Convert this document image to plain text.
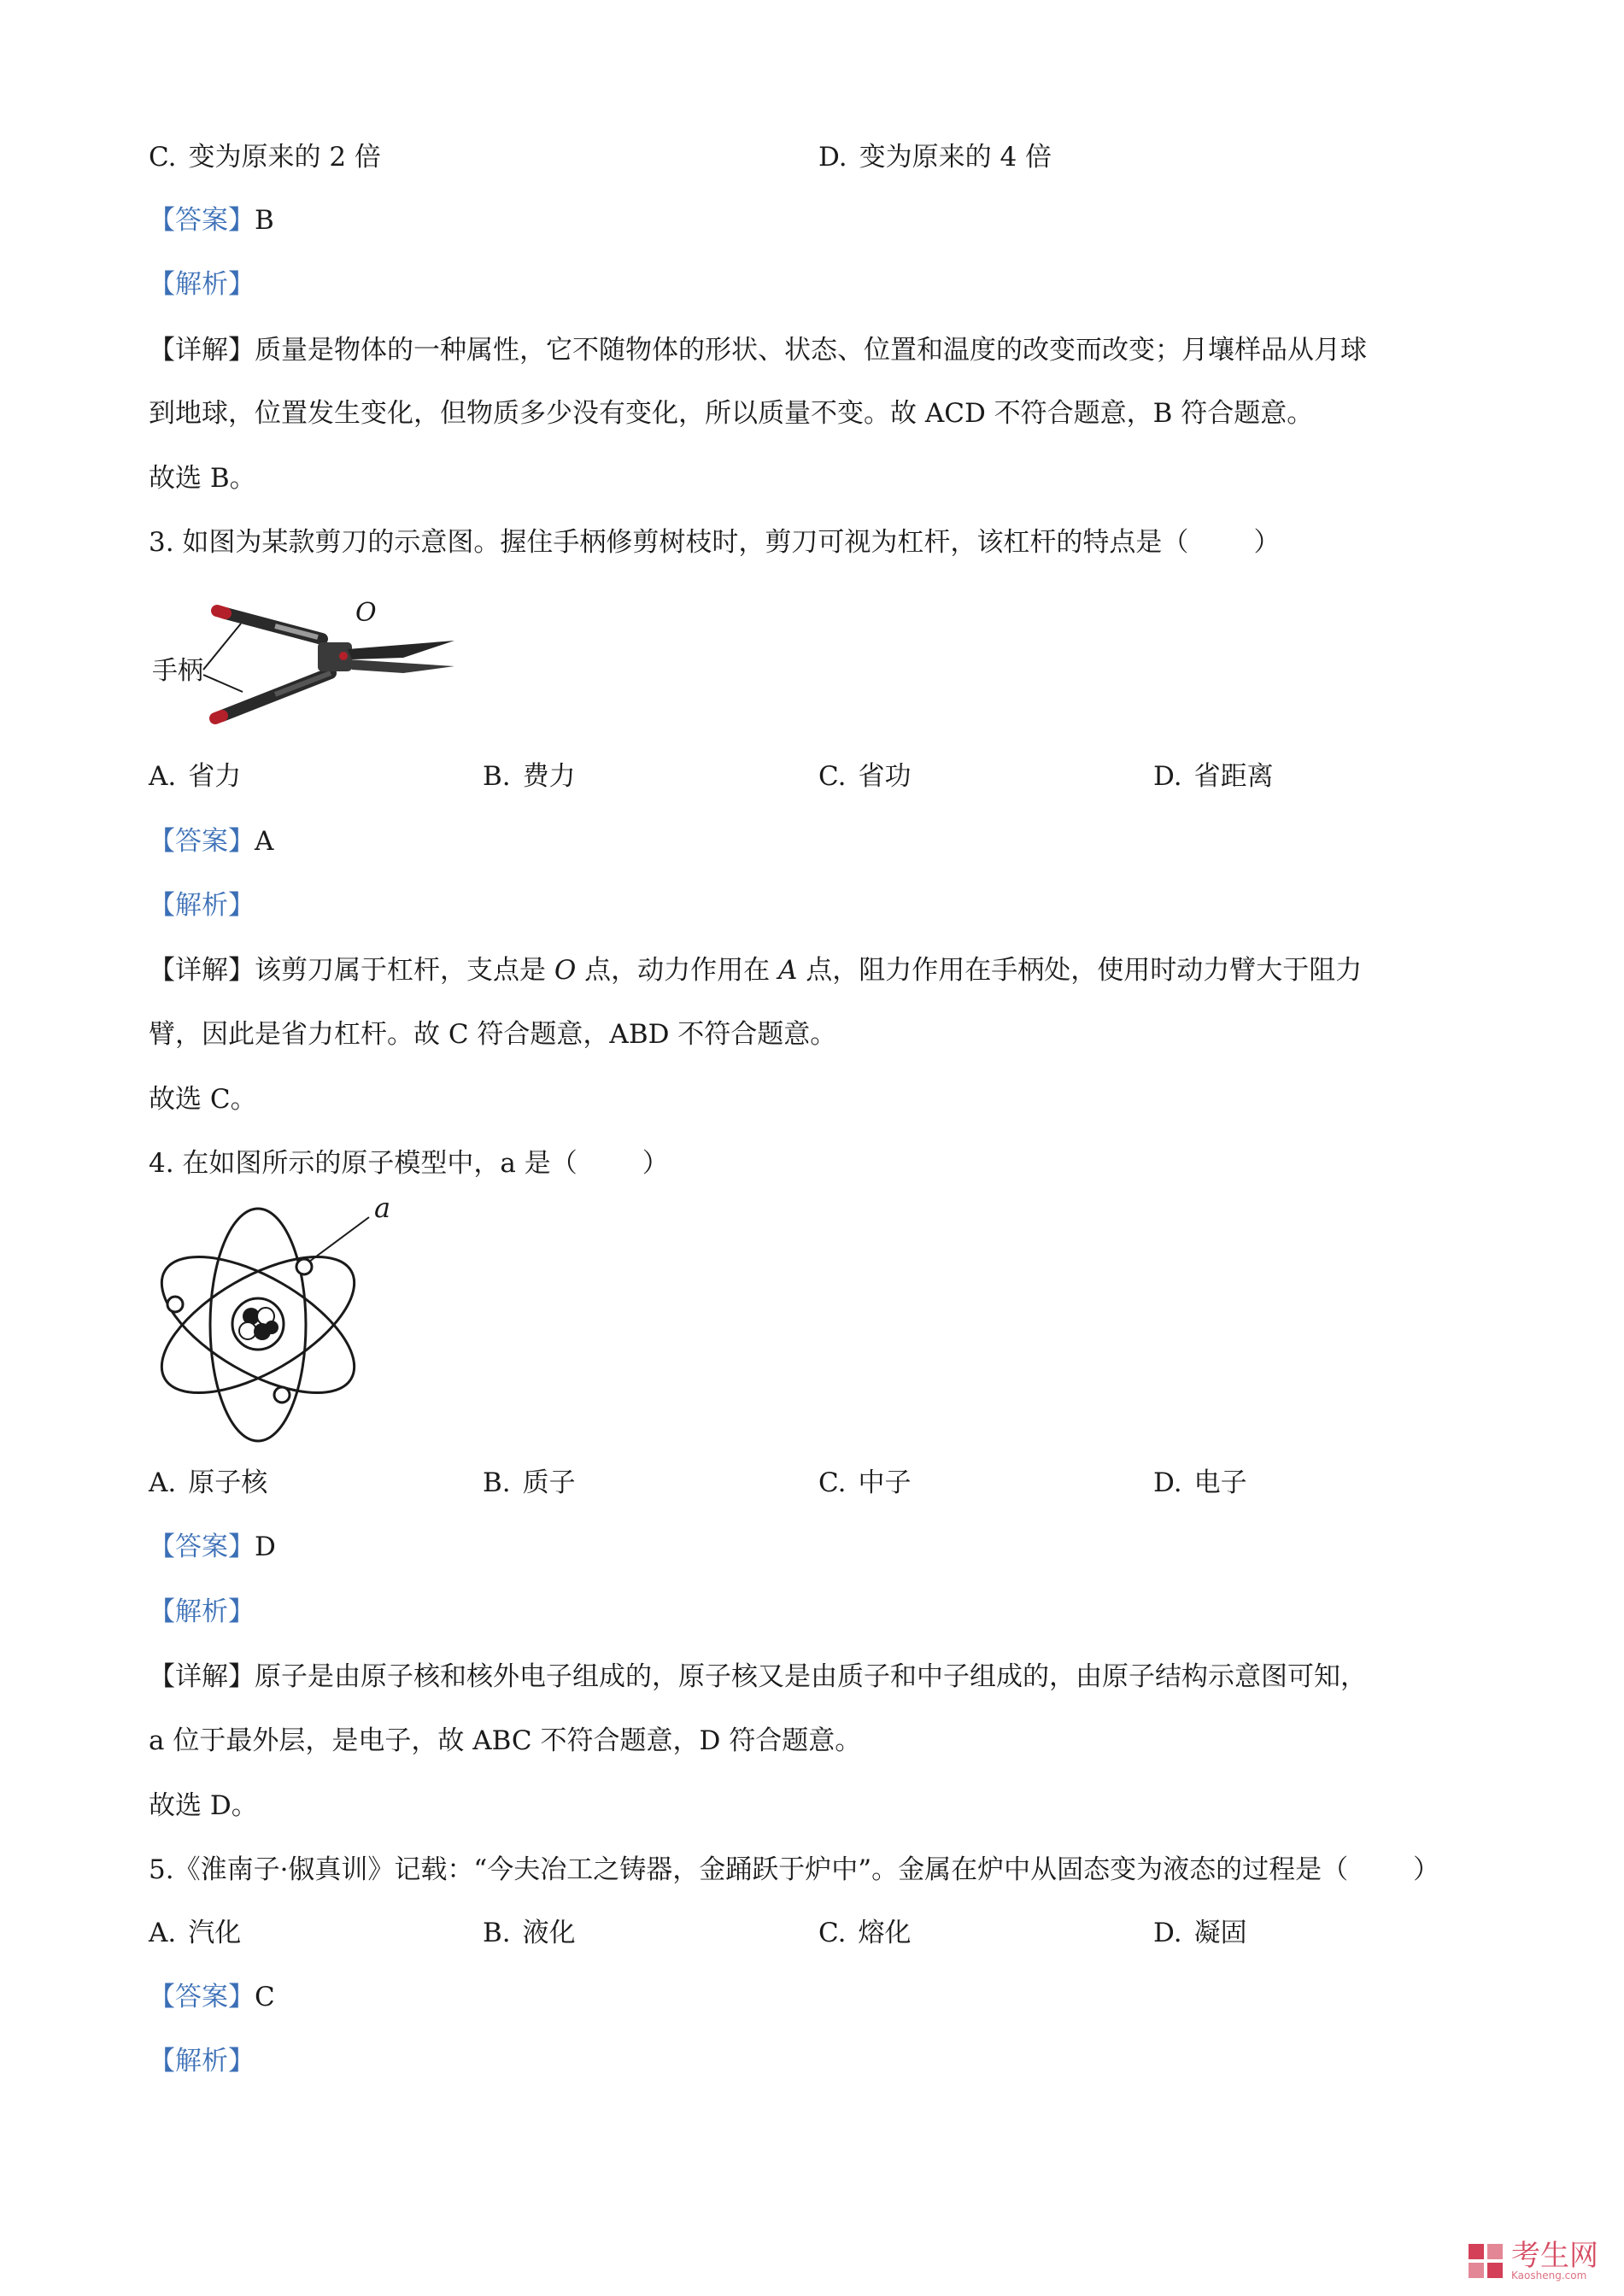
C. 变为原来的 2 倍	D. 变为原来的 4 倍
【答案】B
【解析】
【详解】质量是物体的一种属性，它不随物体的形状、状态、位置和温度的改变而改变；月壤样品从月球
到地球，位置发生变化，但物质多少没有变化，所以质量不变。故 ACD 不符合题意，B 符合题意。
故选 B。
3. 如图为某款剪刀的示意图。握住手柄修剪树枝时，剪刀可视为杠杆，该杠杆的特点是（ ）
手柄
O
A. 省力	B. 费力	C. 省功	D. 省距离
【答案】A
【解析】
【详解】该剪刀属于杠杆，支点是 O 点，动力作用在 A 点，阻力作用在手柄处，使用时动力臂大于阻力
臂，因此是省力杠杆。故 C 符合题意，ABD 不符合题意。
故选 C。
4. 在如图所示的原子模型中，a 是（ ）
a
A. 原子核	B. 质子	C. 中子	D. 电子
【答案】D
【解析】
【详解】原子是由原子核和核外电子组成的，原子核又是由质子和中子组成的，由原子结构示意图可知，
a 位于最外层，是电子，故 ABC 不符合题意，D 符合题意。
故选 D。
5.《淮南子·俶真训》记载：“今夫冶工之铸器，金踊跃于炉中”。金属在炉中从固态变为液态的过程是（ ）
A. 汽化	B. 液化	C. 熔化	D. 凝固
【答案】C
【解析】
考生网
Kaosheng.com
